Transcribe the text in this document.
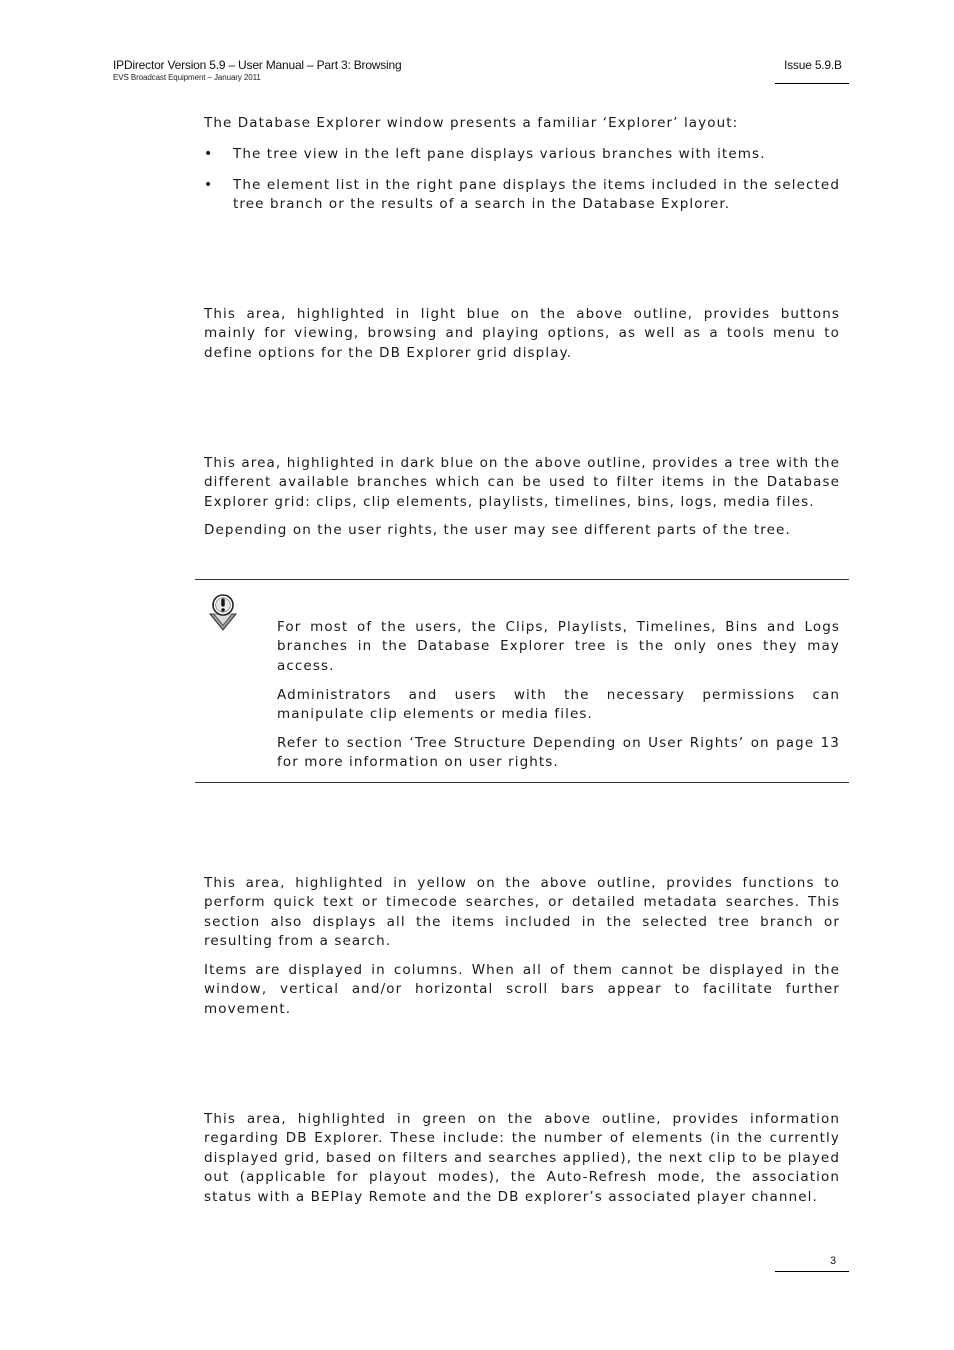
IPDirector Version 5.9 – User Manual – Part 3: Browsing
EVS Broadcast Equipment – January 2011
Issue 5.9.B

The Database Explorer window presents a familiar ‘Explorer’ layout:

•	The tree view in the left pane displays various branches with items.

•	The element list in the right pane displays the items included in the selected tree branch or the results of a search in the Database Explorer.

This area, highlighted in light blue on the above outline, provides buttons mainly for viewing, browsing and playing options, as well as a tools menu to define options for the DB Explorer grid display.

This area, highlighted in dark blue on the above outline, provides a tree with the different available branches which can be used to filter items in the Database Explorer grid: clips, clip elements, playlists, timelines, bins, logs, media files.

Depending on the user rights, the user may see different parts of the tree.

For most of the users, the Clips, Playlists, Timelines, Bins and Logs branches in the Database Explorer tree is the only ones they may access.

Administrators and users with the necessary permissions can manipulate clip elements or media files.

Refer to section ‘Tree Structure Depending on User Rights’ on page 13 for more information on user rights.

This area, highlighted in yellow on the above outline, provides functions to perform quick text or timecode searches, or detailed metadata searches. This section also displays all the items included in the selected tree branch or resulting from a search.

Items are displayed in columns. When all of them cannot be displayed in the window, vertical and/or horizontal scroll bars appear to facilitate further movement.

This area, highlighted in green on the above outline, provides information regarding DB Explorer. These include: the number of elements (in the currently displayed grid, based on filters and searches applied), the next clip to be played out (applicable for playout modes), the Auto-Refresh mode, the association status with a BEPlay Remote and the DB explorer’s associated player channel.

3
